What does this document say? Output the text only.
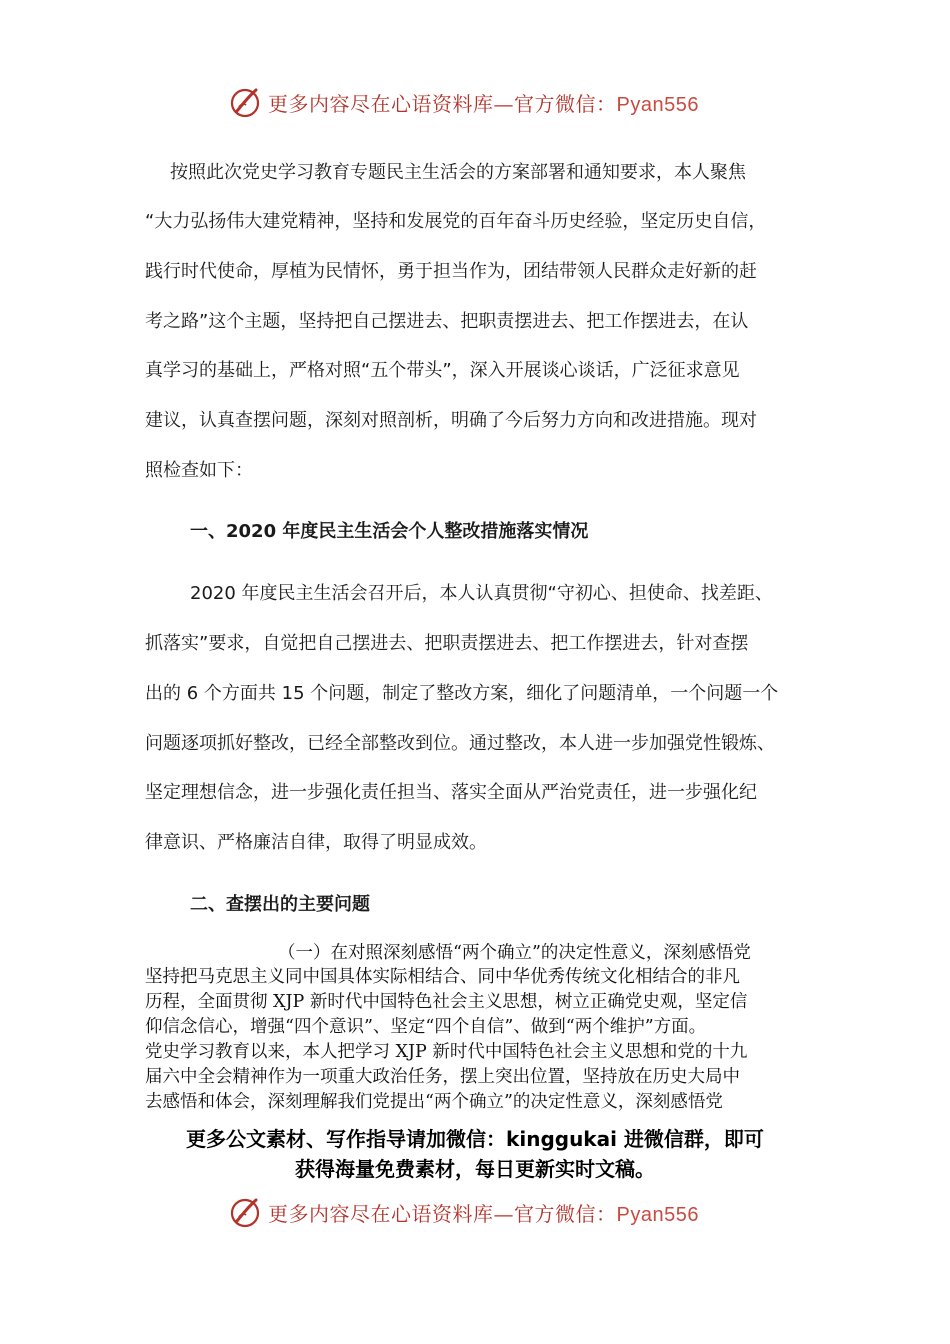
更多内容尽在心语资料库—官方微信：Pyan556
按照此次党史学习教育专题民主生活会的方案部署和通知要求，本人聚焦
“大力弘扬伟大建党精神，坚持和发展党的百年奋斗历史经验，坚定历史自信，
践行时代使命，厚植为民情怀，勇于担当作为，团结带领人民群众走好新的赶
考之路”这个主题，坚持把自己摆进去、把职责摆进去、把工作摆进去，在认
真学习的基础上，严格对照“五个带头”，深入开展谈心谈话，广泛征求意见
建议，认真查摆问题，深刻对照剖析，明确了今后努力方向和改进措施。现对
照检查如下：
一、2020 年度民主生活会个人整改措施落实情况
2020 年度民主生活会召开后，本人认真贯彻“守初心、担使命、找差距、
抓落实”要求，自觉把自己摆进去、把职责摆进去、把工作摆进去，针对查摆
出的 6 个方面共 15 个问题，制定了整改方案，细化了问题清单，一个问题一个
问题逐项抓好整改，已经全部整改到位。通过整改，本人进一步加强党性锻炼、
坚定理想信念，进一步强化责任担当、落实全面从严治党责任，进一步强化纪
律意识、严格廉洁自律，取得了明显成效。
二、查摆出的主要问题
（一）在对照深刻感悟“两个确立”的决定性意义，深刻感悟党
坚持把马克思主义同中国具体实际相结合、同中华优秀传统文化相结合的非凡
历程，全面贯彻 XJP 新时代中国特色社会主义思想，树立正确党史观，坚定信
仰信念信心，增强“四个意识”、坚定“四个自信”、做到“两个维护”方面。
党史学习教育以来，本人把学习 XJP 新时代中国特色社会主义思想和党的十九
届六中全会精神作为一项重大政治任务，摆上突出位置，坚持放在历史大局中
去感悟和体会，深刻理解我们党提出“两个确立”的决定性意义，深刻感悟党
更多公文素材、写作指导请加微信：kinggukai 进微信群，即可
获得海量免费素材，每日更新实时文稿。
更多内容尽在心语资料库—官方微信：Pyan556
